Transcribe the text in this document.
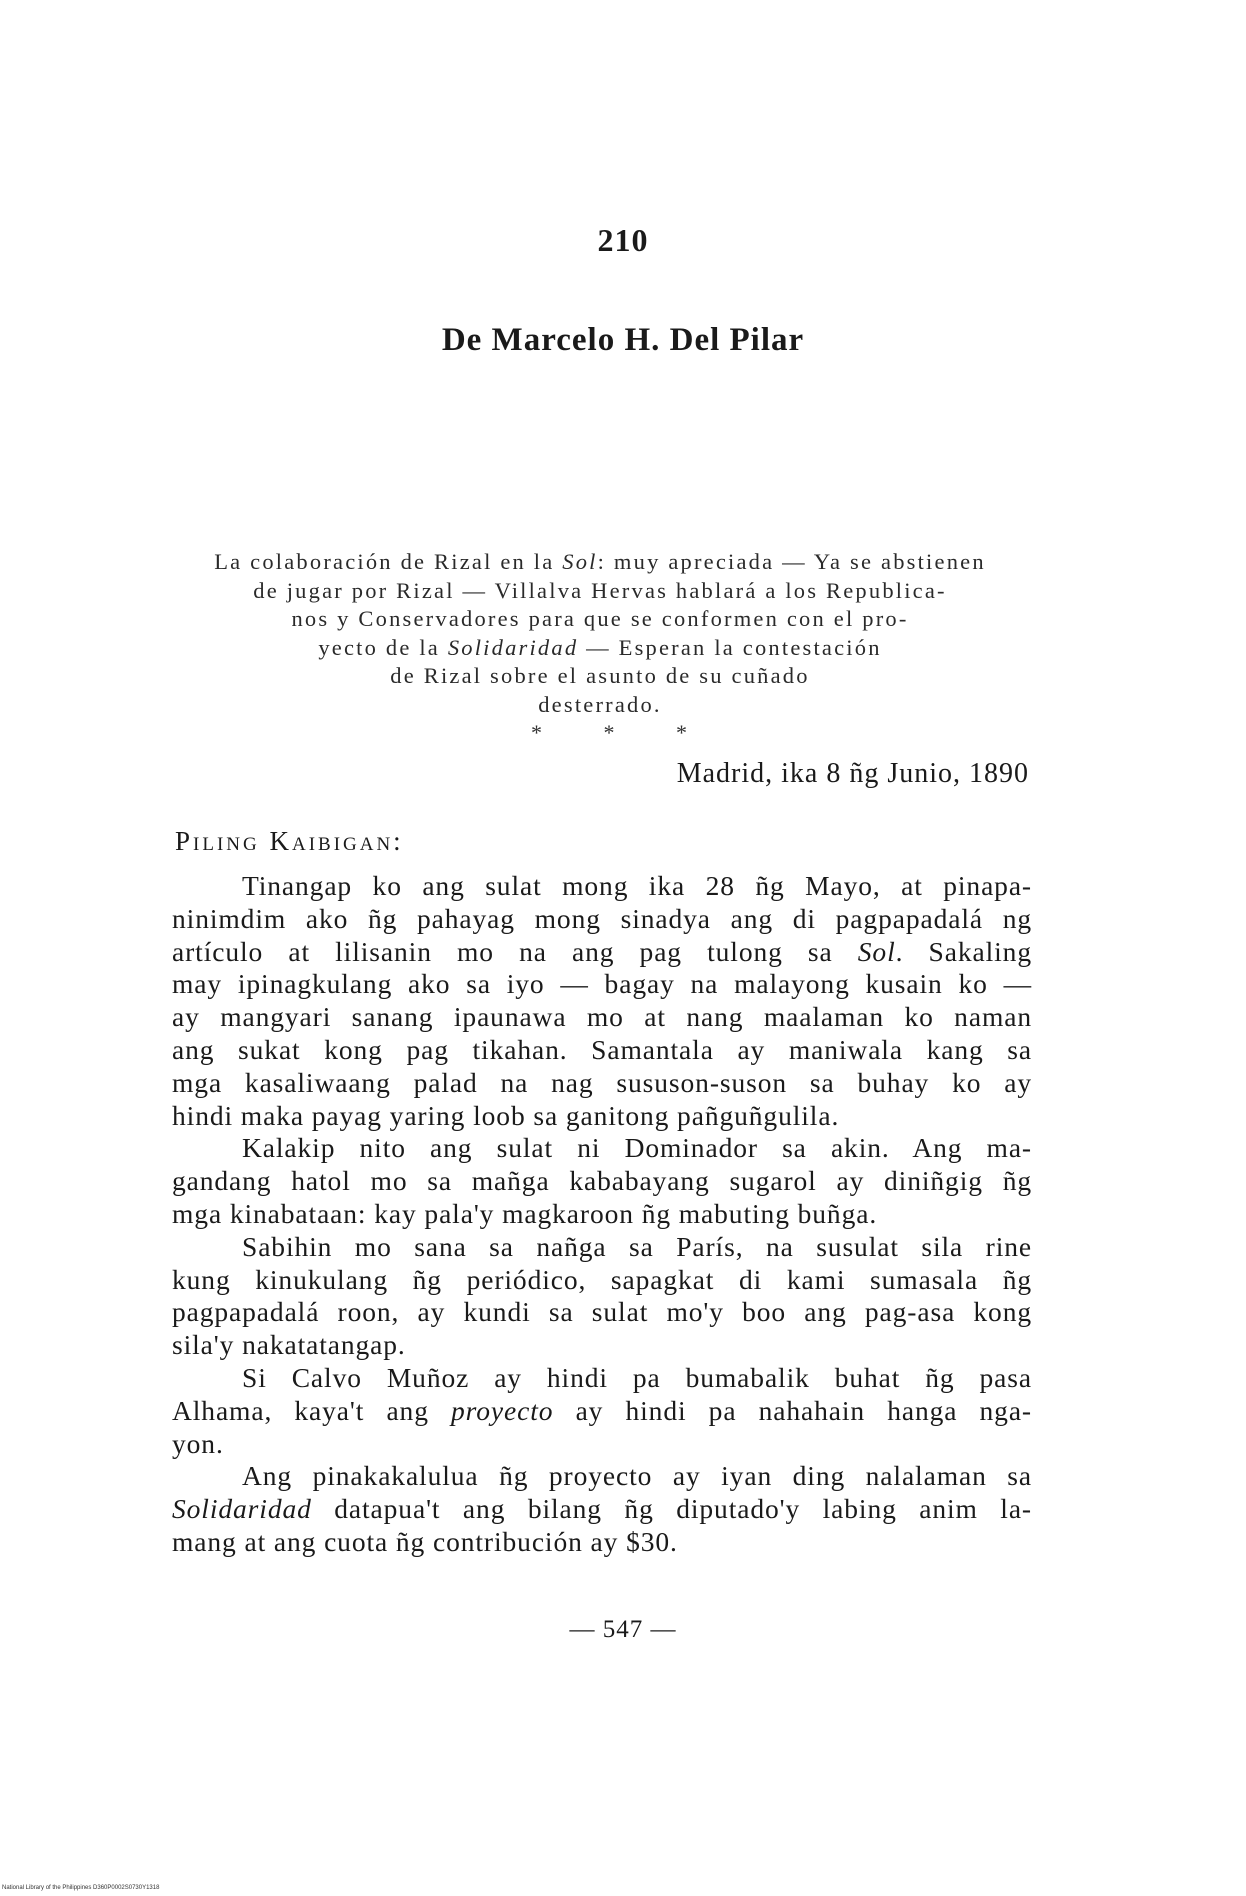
210
De Marcelo H. Del Pilar
La colaboración de Rizal en la Sol: muy apreciada — Ya se abstienen
de jugar por Rizal — Villalva Hervas hablará a los Republica-
nos y Conservadores para que se conformen con el pro-
yecto de la Solidaridad — Esperan la contestación
de Rizal sobre el asunto de su cuñado
desterrado.
* * *
Madrid, ika 8 ñg Junio, 1890
Piling Kaibigan:
Tinangap ko ang sulat mong ika 28 ñg Mayo, at pinapa-
ninimdim ako ñg pahayag mong sinadya ang di pagpapadalá ng
artículo at lilisanin mo na ang pag tulong sa Sol. Sakaling
may ipinagkulang ako sa iyo — bagay na malayong kusain ko —
ay mangyari sanang ipaunawa mo at nang maalaman ko naman
ang sukat kong pag tikahan. Samantala ay maniwala kang sa
mga kasaliwaang palad na nag sususon-suson sa buhay ko ay
hindi maka payag yaring loob sa ganitong pañguñgulila.
Kalakip nito ang sulat ni Dominador sa akin. Ang ma-
gandang hatol mo sa mañga kababayang sugarol ay diniñgig ñg
mga kinabataan: kay pala'y magkaroon ñg mabuting buñga.
Sabihin mo sana sa nañga sa París, na susulat sila rine
kung kinukulang ñg periódico, sapagkat di kami sumasala ñg
pagpapadalá roon, ay kundi sa sulat mo'y boo ang pag-asa kong
sila'y nakatatangap.
Si Calvo Muñoz ay hindi pa bumabalik buhat ñg pasa
Alhama, kaya't ang proyecto ay hindi pa nahahain hanga nga-
yon.
Ang pinakakalulua ñg proyecto ay iyan ding nalalaman sa
Solidaridad datapua't ang bilang ñg diputado'y labing anim la-
mang at ang cuota ñg contribución ay $30.
— 547 —
National Library of the Philippines D360P0002S0730Y1318
